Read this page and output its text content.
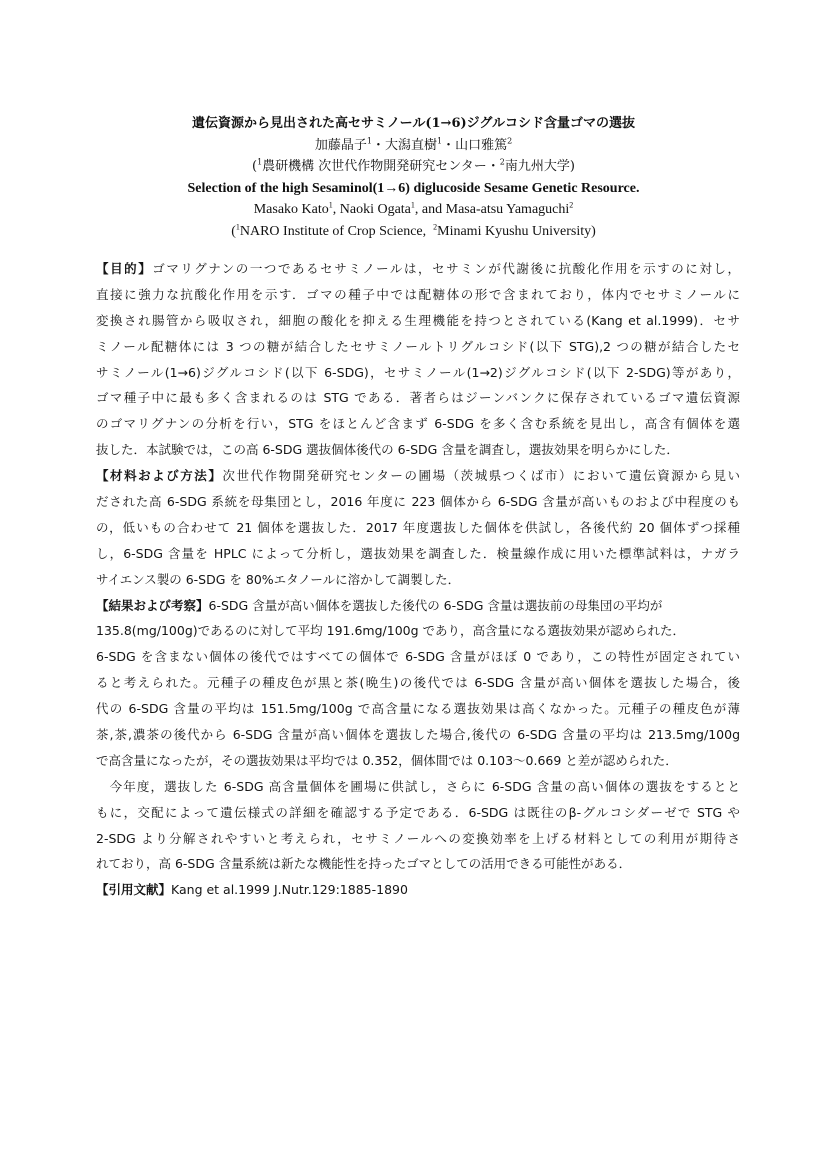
遺伝資源から見出された高セサミノール(1→6)ジグルコシド含量ゴマの選抜
加藤晶子$^1$・大潟直樹$^1$・山口雅篤$^2$
($^1$農研機構 次世代作物開発研究センター・$^2$南九州大学)
Selection of the high Sesaminol(1→6) diglucoside Sesame Genetic Resource.
Masako Kato$^1$, Naoki Ogata$^1$, and Masa-atsu Yamaguchi$^2$
($^1$NARO Institute of Crop Science,  $^2$Minami Kyushu University)
【目的】ゴマリグナンの一つであるセサミノールは，セサミンが代謝後に抗酸化作用を示すのに対し，
直接に強力な抗酸化作用を示す．ゴマの種子中では配糖体の形で含まれており，体内でセサミノールに
変換され腸管から吸収され，細胞の酸化を抑える生理機能を持つとされている(Kang et al.1999)．セサ
ミノール配糖体には 3 つの糖が結合したセサミノールトリグルコシド(以下 STG),2 つの糖が結合したセ
サミノール(1→6)ジグルコシド(以下 6-SDG)，セサミノール(1→2)ジグルコシド(以下 2-SDG)等があり，
ゴマ種子中に最も多く含まれるのは STG である．著者らはジーンバンクに保存されているゴマ遺伝資源
のゴマリグナンの分析を行い，STG をほとんど含まず 6-SDG を多く含む系統を見出し，高含有個体を選
抜した．本試験では，この高 6-SDG 選抜個体後代の 6-SDG 含量を調査し，選抜効果を明らかにした．
【材料および方法】次世代作物開発研究センターの圃場（茨城県つくば市）において遺伝資源から見い
だされた高 6-SDG 系統を母集団とし，2016 年度に 223 個体から 6-SDG 含量が高いものおよび中程度のも
の，低いもの合わせて 21 個体を選抜した．2017 年度選抜した個体を供試し，各後代約 20 個体ずつ採種
し，6-SDG 含量を HPLC によって分析し，選抜効果を調査した．検量線作成に用いた標準試料は，ナガラ
サイエンス製の 6-SDG を 80%エタノールに溶かして調製した．
【結果および考察】6-SDG 含量が高い個体を選抜した後代の 6-SDG 含量は選抜前の母集団の平均が
135.8(mg/100g)であるのに対して平均 191.6mg/100g であり，高含量になる選抜効果が認められた．
6-SDG を含まない個体の後代ではすべての個体で 6-SDG 含量がほぼ 0 であり，この特性が固定されてい
ると考えられた。元種子の種皮色が黒と茶(晩生)の後代では 6-SDG 含量が高い個体を選抜した場合，後
代の 6-SDG 含量の平均は 151.5mg/100g で高含量になる選抜効果は高くなかった。元種子の種皮色が薄
茶,茶,濃茶の後代から 6-SDG 含量が高い個体を選抜した場合,後代の 6-SDG 含量の平均は 213.5mg/100g
で高含量になったが，その選抜効果は平均では 0.352，個体間では 0.103～0.669 と差が認められた．
　今年度，選抜した 6-SDG 高含量個体を圃場に供試し，さらに 6-SDG 含量の高い個体の選抜をするとと
もに，交配によって遺伝様式の詳細を確認する予定である．6-SDG は既往のβ-グルコシダーゼで STG や
2-SDG より分解されやすいと考えられ，セサミノールへの変換効率を上げる材料としての利用が期待さ
れており，高 6-SDG 含量系統は新たな機能性を持ったゴマとしての活用できる可能性がある．
【引用文献】Kang et al.1999 J.Nutr.129:1885-1890
